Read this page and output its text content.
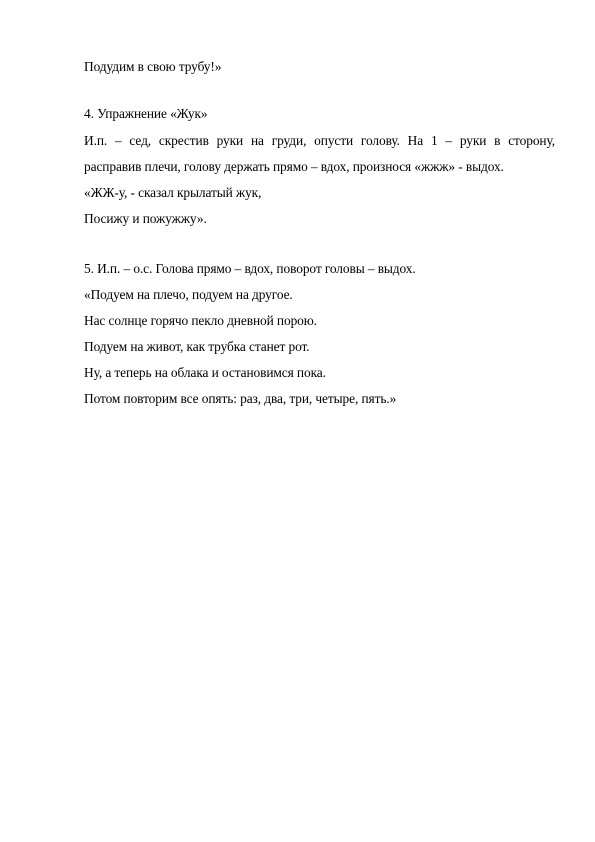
Подудим в свою трубу!»
4. Упражнение «Жук»
И.п. – сед, скрестив руки на груди, опусти голову. На 1 – руки в сторону,
расправив плечи, голову держать прямо – вдох, произнося «жжж» - выдох.
«ЖЖ-у, - сказал крылатый жук,
Посижу и пожужжу».
5. И.п. – о.с. Голова прямо – вдох, поворот головы – выдох.
«Подуем на плечо, подуем на другое.
Нас солнце горячо пекло дневной порою.
Подуем на живот, как трубка станет рот.
Ну, а теперь на облака и остановимся пока.
Потом повторим все опять: раз, два, три, четыре, пять.»
